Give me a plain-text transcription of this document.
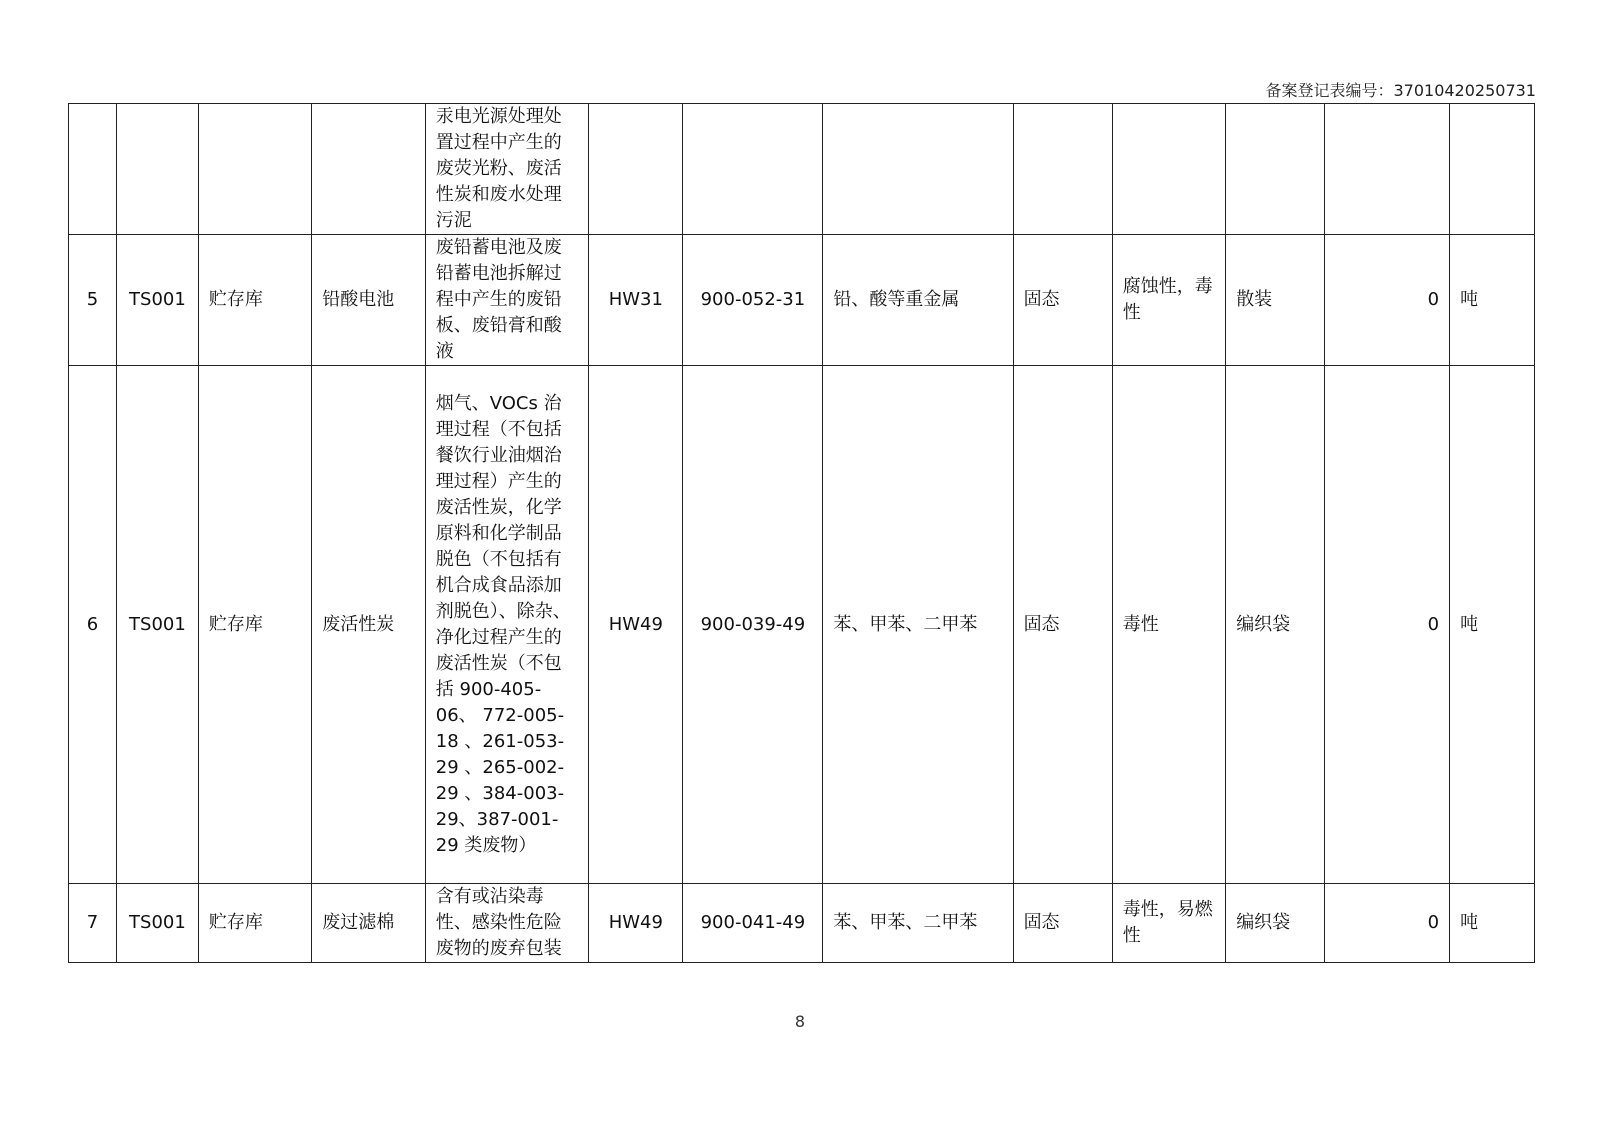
备案登记表编号：37010420250731
				汞电光源处理处置过程中产生的废荧光粉、废活性炭和废水处理污泥								
5	TS001	贮存库	铅酸电池	废铅蓄电池及废铅蓄电池拆解过程中产生的废铅板、废铅膏和酸液	HW31	900-052-31	铅、酸等重金属	固态	腐蚀性，毒性	散装	0	吨
6	TS001	贮存库	废活性炭	烟气、VOCs 治理过程（不包括餐饮行业油烟治理过程）产生的废活性炭，化学原料和化学制品脱色（不包括有机合成食品添加剂脱色）、除杂、净化过程产生的废活性炭（不包括 900-405-06、 772-005-18 、261-053-29 、265-002-29 、384-003-29、387-001-29 类废物）	HW49	900-039-49	苯、甲苯、二甲苯	固态	毒性	编织袋	0	吨
7	TS001	贮存库	废过滤棉	含有或沾染毒性、感染性危险废物的废弃包装	HW49	900-041-49	苯、甲苯、二甲苯	固态	毒性，易燃性	编织袋	0	吨
8
